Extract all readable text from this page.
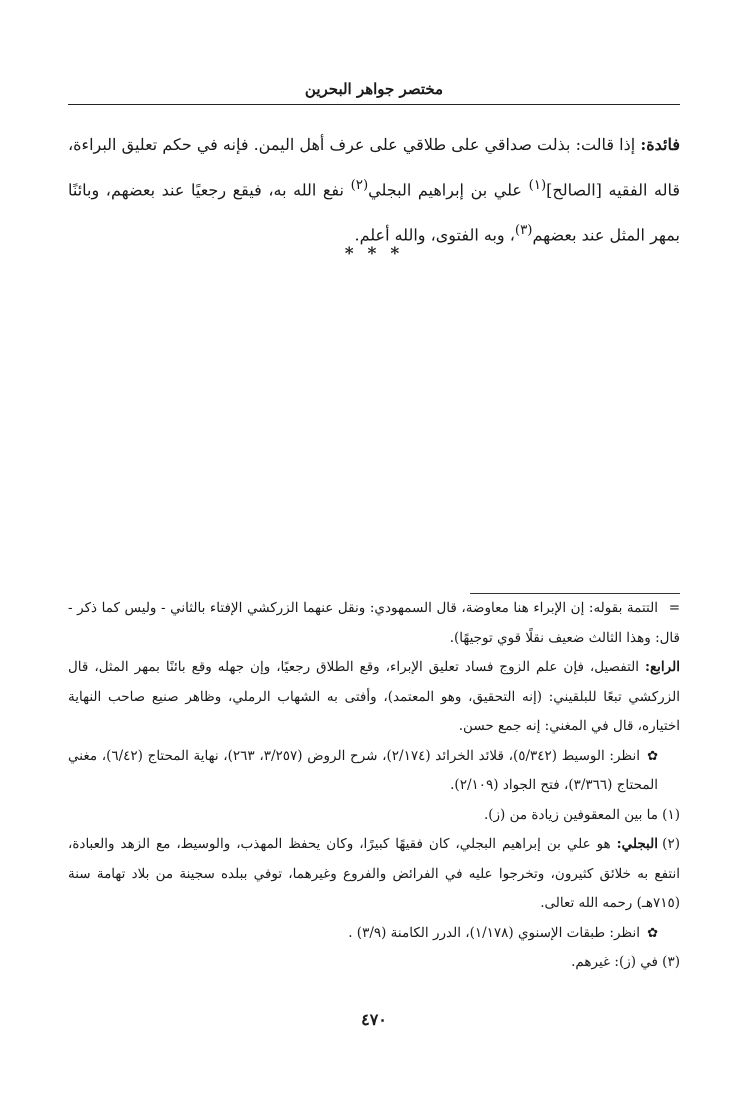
مختصر جواهر البحرين

فائدة: إذا قالت: بذلت صداقي على طلاقي على عرف أهل اليمن. فإنه في حكم تعليق البراءة، قاله الفقيه [الصالح]$^{(١)}$ علي بن إبراهيم البجلي$^{(٢)}$ نفع الله به، فيقع رجعيًا عند بعضهم، وبائنًا بمهر المثل عند بعضهم$^{(٣)}$، وبه الفتوى، والله أعلم.

* * *

=التتمة بقوله: إن الإبراء هنا معاوضة، قال السمهودي: ونقل عنهما الزركشي الإفتاء بالثاني - وليس كما ذكر - قال: وهذا الثالث ضعيف نقلًا قوي توجيهًا).

الرابع: التفصيل، فإن علم الزوج فساد تعليق الإبراء، وقع الطلاق رجعيًا، وإن جهله وقع بائنًا بمهر المثل، قال الزركشي تبعًا للبلقيني: (إنه التحقيق، وهو المعتمد)، وأفتى به الشهاب الرملي، وظاهر صنيع صاحب النهاية اختياره، قال في المغني: إنه جمع حسن.

✿انظر: الوسيط (٥/٣٤٢)، قلائد الخرائد (٢/١٧٤)، شرح الروض (٣/٢٥٧، ٢٦٣)، نهاية المحتاج (٦/٤٢)، مغني المحتاج (٣/٣٦٦)، فتح الجواد (٢/١٠٩).

(١)ما بين المعقوفين زيادة من (ز).

(٢)البجلي: هو علي بن إبراهيم البجلي، كان فقيهًا كبيرًا، وكان يحفظ المهذب، والوسيط، مع الزهد والعبادة، انتفع به خلائق كثيرون، وتخرجوا عليه في الفرائض والفروع وغيرهما، توفي ببلده سجينة من بلاد تهامة سنة (٧١٥هـ) رحمه الله تعالى.

✿انظر: طبقات الإسنوي (١/١٧٨)، الدرر الكامنة (٣/٩) .

(٣)في (ز): غيرهم.

٤٧٠
